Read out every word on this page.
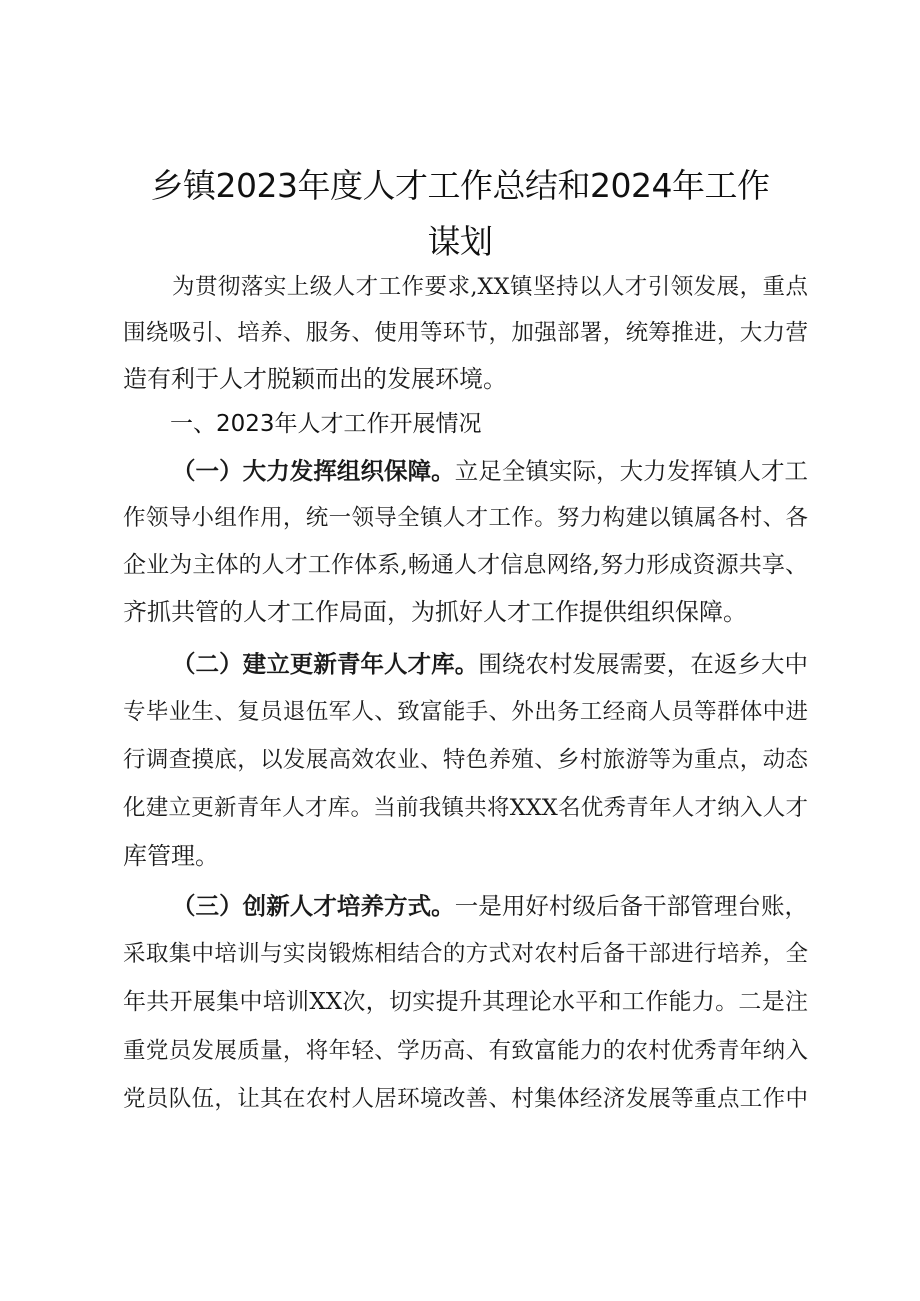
乡镇2023年度人才工作总结和2024年工作
谋划
为贯彻落实上级人才工作要求,XX镇坚持以人才引领发展，重点
围绕吸引、培养、服务、使用等环节，加强部署，统筹推进，大力营
造有利于人才脱颖而出的发展环境。
一、2023年人才工作开展情况
（一）大力发挥组织保障。立足全镇实际，大力发挥镇人才工
作领导小组作用，统一领导全镇人才工作。努力构建以镇属各村、各
企业为主体的人才工作体系,畅通人才信息网络,努力形成资源共享、
齐抓共管的人才工作局面，为抓好人才工作提供组织保障。
（二）建立更新青年人才库。围绕农村发展需要，在返乡大中
专毕业生、复员退伍军人、致富能手、外出务工经商人员等群体中进
行调查摸底，以发展高效农业、特色养殖、乡村旅游等为重点，动态
化建立更新青年人才库。当前我镇共将XXX名优秀青年人才纳入人才
库管理。
（三）创新人才培养方式。一是用好村级后备干部管理台账，
采取集中培训与实岗锻炼相结合的方式对农村后备干部进行培养，全
年共开展集中培训XX次，切实提升其理论水平和工作能力。二是注
重党员发展质量，将年轻、学历高、有致富能力的农村优秀青年纳入
党员队伍，让其在农村人居环境改善、村集体经济发展等重点工作中
